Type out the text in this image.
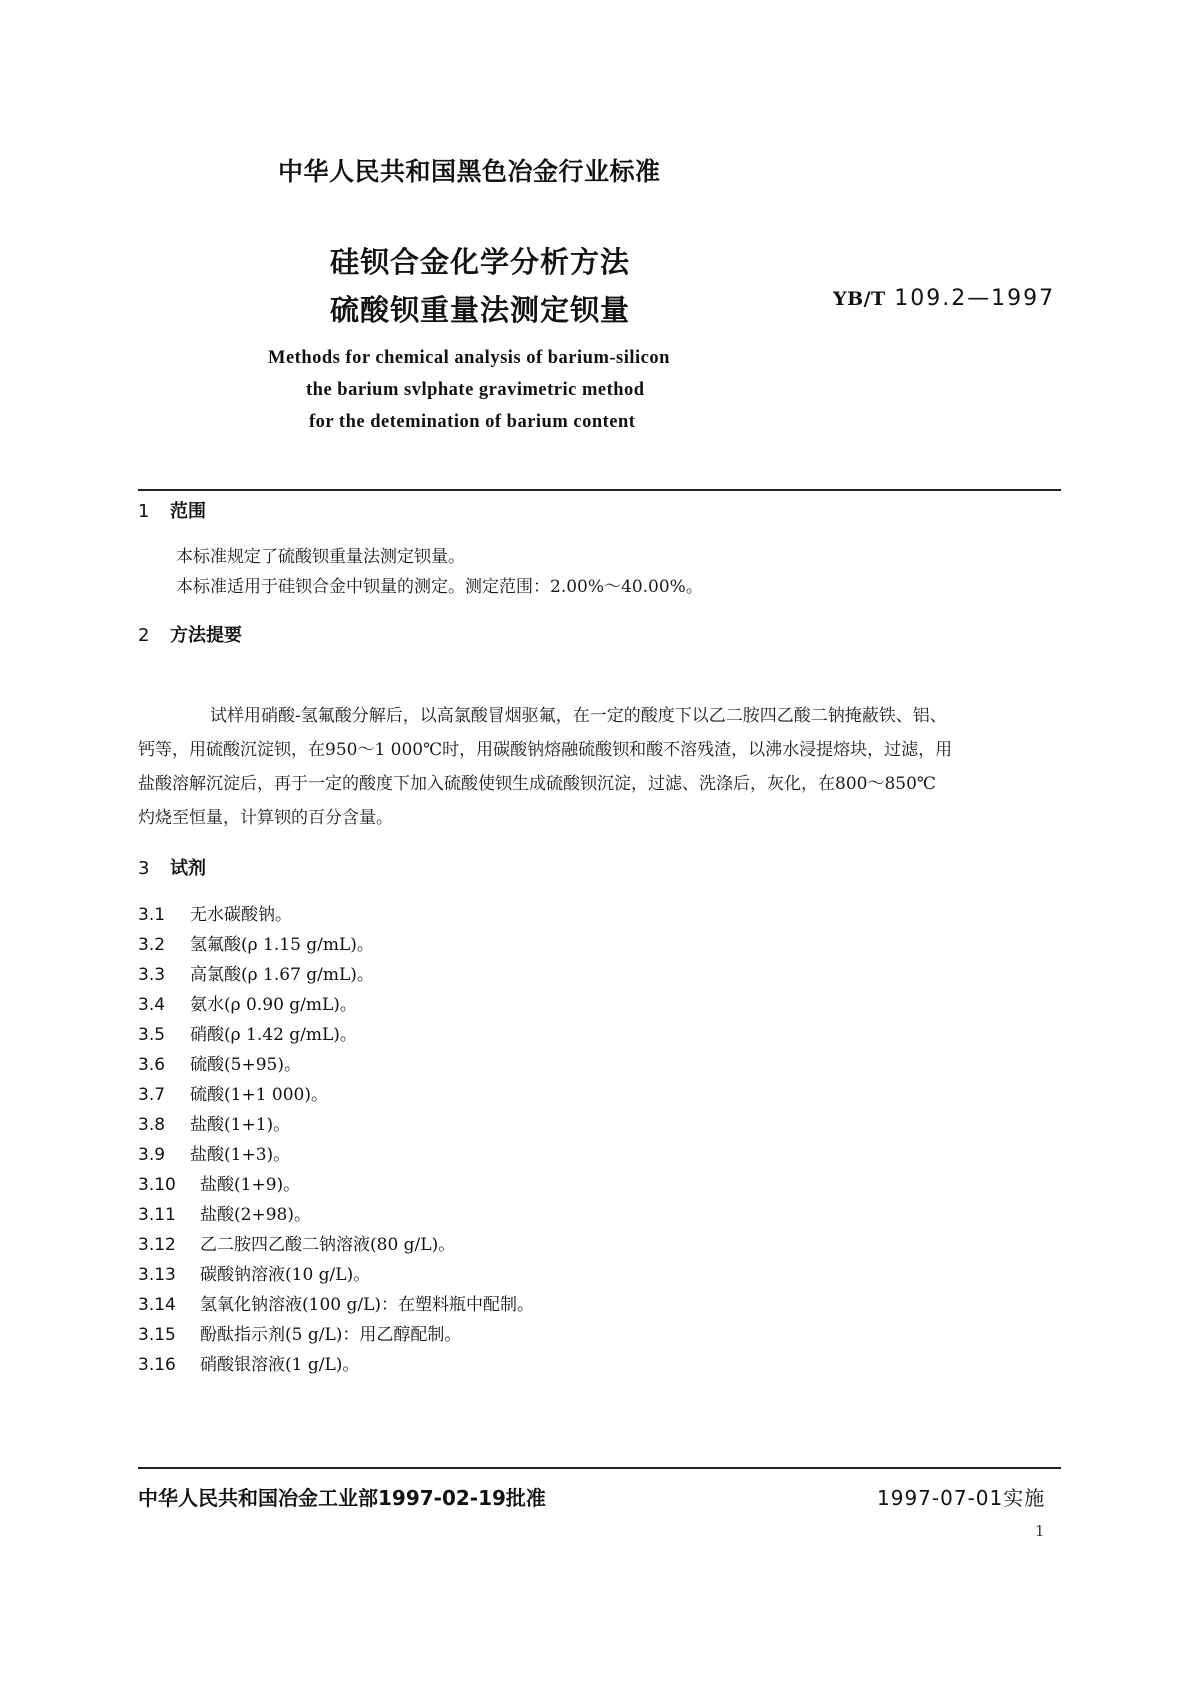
中华人民共和国黑色冶金行业标准
硅钡合金化学分析方法
硫酸钡重量法测定钡量	YB/T 109.2—1997
Methods for chemical analysis of barium-silicon
the barium svlphate gravimetric method
for the detemination of barium content
1 范围
本标准规定了硫酸钡重量法测定钡量。
本标准适用于硅钡合金中钡量的测定。测定范围：2.00%～40.00%。
2 方法提要
试样用硝酸-氢氟酸分解后，以高氯酸冒烟驱氟，在一定的酸度下以乙二胺四乙酸二钠掩蔽铁、铝、
钙等，用硫酸沉淀钡，在950～1 000℃时，用碳酸钠熔融硫酸钡和酸不溶残渣，以沸水浸提熔块，过滤，用
盐酸溶解沉淀后，再于一定的酸度下加入硫酸使钡生成硫酸钡沉淀，过滤、洗涤后，灰化，在800～850℃
灼烧至恒量，计算钡的百分含量。
3 试剂
3.1 无水碳酸钠。
3.2 氢氟酸(ρ 1.15 g/mL)。
3.3 高氯酸(ρ 1.67 g/mL)。
3.4 氨水(ρ 0.90 g/mL)。
3.5 硝酸(ρ 1.42 g/mL)。
3.6 硫酸(5+95)。
3.7 硫酸(1+1 000)。
3.8 盐酸(1+1)。
3.9 盐酸(1+3)。
3.10 盐酸(1+9)。
3.11 盐酸(2+98)。
3.12 乙二胺四乙酸二钠溶液(80 g/L)。
3.13 碳酸钠溶液(10 g/L)。
3.14 氢氧化钠溶液(100 g/L)：在塑料瓶中配制。
3.15 酚酞指示剂(5 g/L)：用乙醇配制。
3.16 硝酸银溶液(1 g/L)。
中华人民共和国冶金工业部1997-02-19批准	1997-07-01实施
1
